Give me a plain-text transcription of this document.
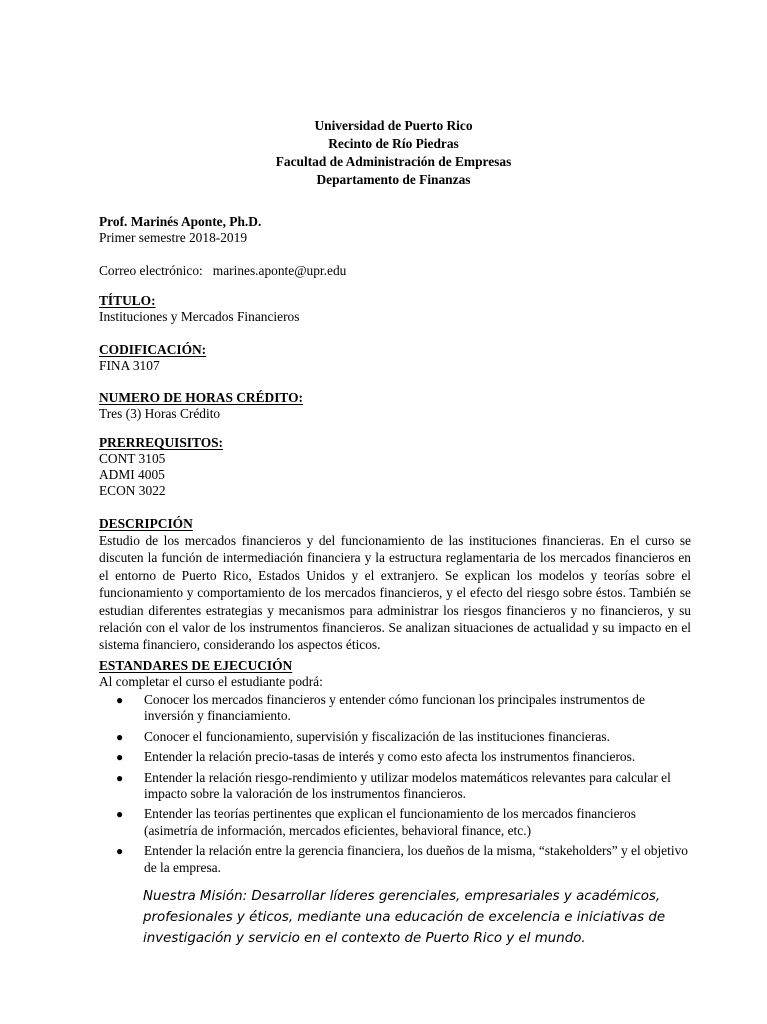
Universidad de Puerto Rico
Recinto de Río Piedras
Facultad de Administración de Empresas
Departamento de Finanzas
Prof. Marinés Aponte, Ph.D.
Primer semestre 2018-2019
Correo electrónico: marines.aponte@upr.edu
TÍTULO:
Instituciones y Mercados Financieros
CODIFICACIÓN:
FINA 3107
NUMERO DE HORAS CRÉDITO:
Tres (3) Horas Crédito
PRERREQUISITOS:
CONT 3105
ADMI 4005
ECON 3022
DESCRIPCIÓN
Estudio de los mercados financieros y del funcionamiento de las instituciones financieras. En el curso se discuten la función de intermediación financiera y la estructura reglamentaria de los mercados financieros en el entorno de Puerto Rico, Estados Unidos y el extranjero. Se explican los modelos y teorías sobre el funcionamiento y comportamiento de los mercados financieros, y el efecto del riesgo sobre éstos. También se estudian diferentes estrategias y mecanismos para administrar los riesgos financieros y no financieros, y su relación con el valor de los instrumentos financieros. Se analizan situaciones de actualidad y su impacto en el sistema financiero, considerando los aspectos éticos.
ESTANDARES DE EJECUCIÓN
Al completar el curso el estudiante podrá:
● Conocer los mercados financieros y entender cómo funcionan los principales instrumentos de inversión y financiamiento.
● Conocer el funcionamiento, supervisión y fiscalización de las instituciones financieras.
● Entender la relación precio-tasas de interés y como esto afecta los instrumentos financieros.
● Entender la relación riesgo-rendimiento y utilizar modelos matemáticos relevantes para calcular el impacto sobre la valoración de los instrumentos financieros.
● Entender las teorías pertinentes que explican el funcionamiento de los mercados financieros (asimetría de información, mercados eficientes, behavioral finance, etc.)
● Entender la relación entre la gerencia financiera, los dueños de la misma, “stakeholders” y el objetivo de la empresa.
Nuestra Misión: Desarrollar líderes gerenciales, empresariales y académicos, profesionales y éticos, mediante una educación de excelencia e iniciativas de investigación y servicio en el contexto de Puerto Rico y el mundo.
